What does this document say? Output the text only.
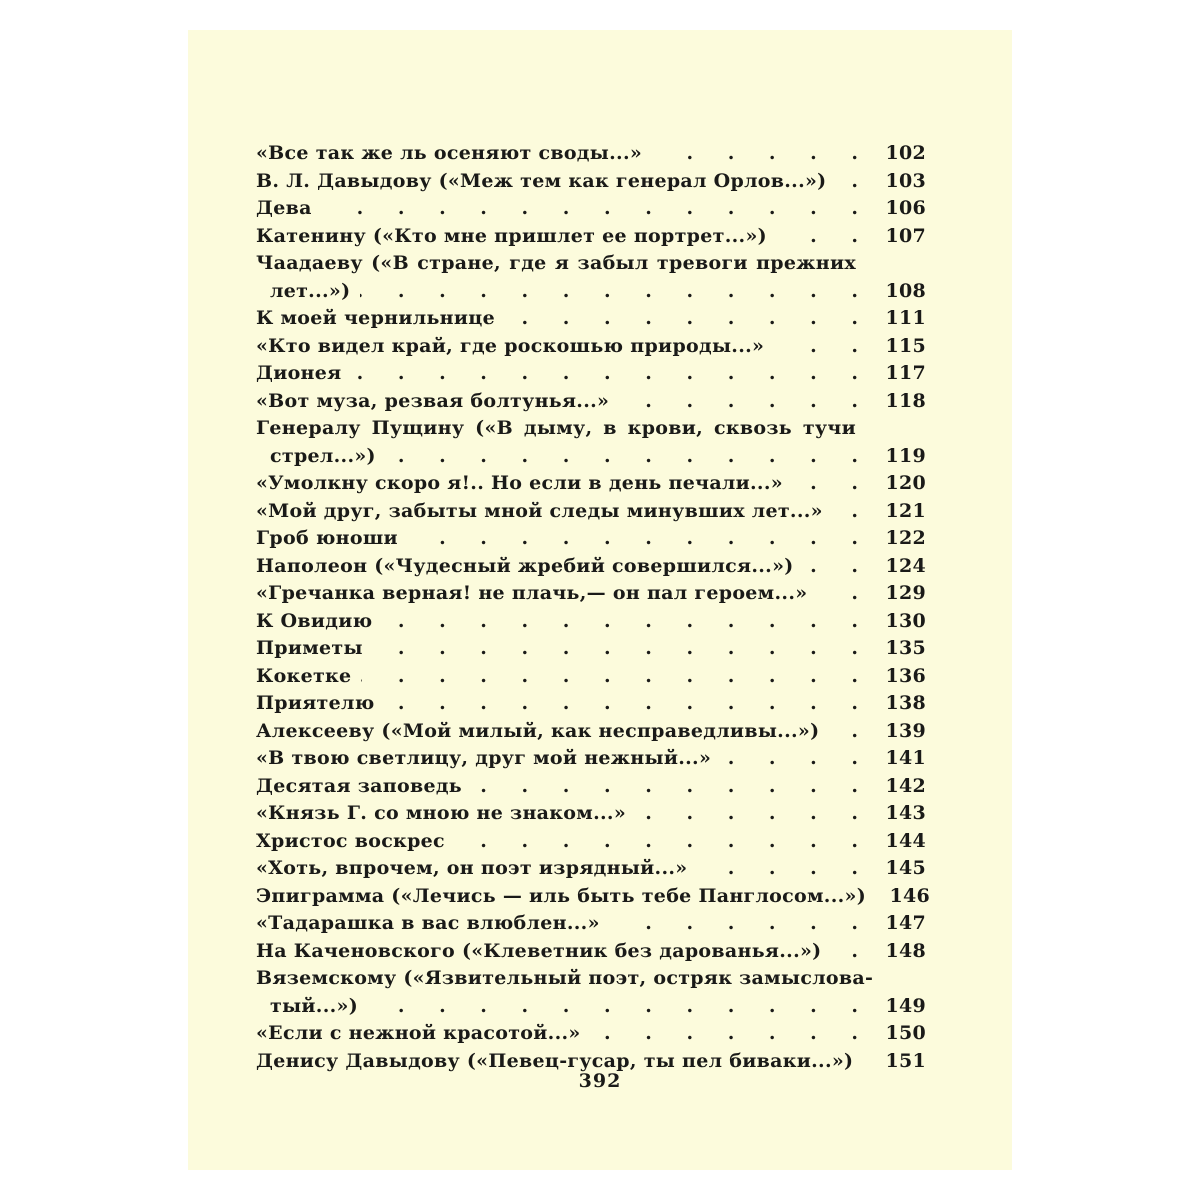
«Все так же ль осеняют своды...» . . .	102
В. Л. Давыдову («Меж тем как генерал Орлов...») . . .	103
Дева . . .	106
Катенину («Кто мне пришлет ее портрет...») . . .	107
Чаадаеву («В стране, где я забыл тревоги прежних
лет...») . . .	108
К моей чернильнице . . .	111
«Кто видел край, где роскошью природы...» . . .	115
Дионея . . .	117
«Вот муза, резвая болтунья...» . . .	118
Генералу Пущину («В дыму, в крови, сквозь тучи
стрел...») . . .	119
«Умолкну скоро я!.. Но если в день печали...» . . .	120
«Мой друг, забыты мной следы минувших лет...» . . .	121
Гроб юноши . . .	122
Наполеон («Чудесный жребий совершился...») . . .	124
«Гречанка верная! не плачь,— он пал героем...» . . .	129
К Овидию . . .	130
Приметы . . .	135
Кокетке . . .	136
Приятелю . . .	138
Алексееву («Мой милый, как несправедливы...») . . .	139
«В твою светлицу, друг мой нежный...» . . .	141
Десятая заповедь . . .	142
«Князь Г. со мною не знаком...» . . .	143
Христос воскрес . . .	144
«Хоть, впрочем, он поэт изрядный...» . . .	145
Эпиграмма («Лечись — иль быть тебе Панглосом...»)	146
«Тадарашка в вас влюблен...» . . .	147
На Каченовского («Клеветник без дарованья...») . . .	148
Вяземскому («Язвительный поэт, остряк замыслова-
тый...») . . .	149
«Если с нежной красотой...» . . .	150
Денису Давыдову («Певец-гусар, ты пел биваки...») . . .	151
392
